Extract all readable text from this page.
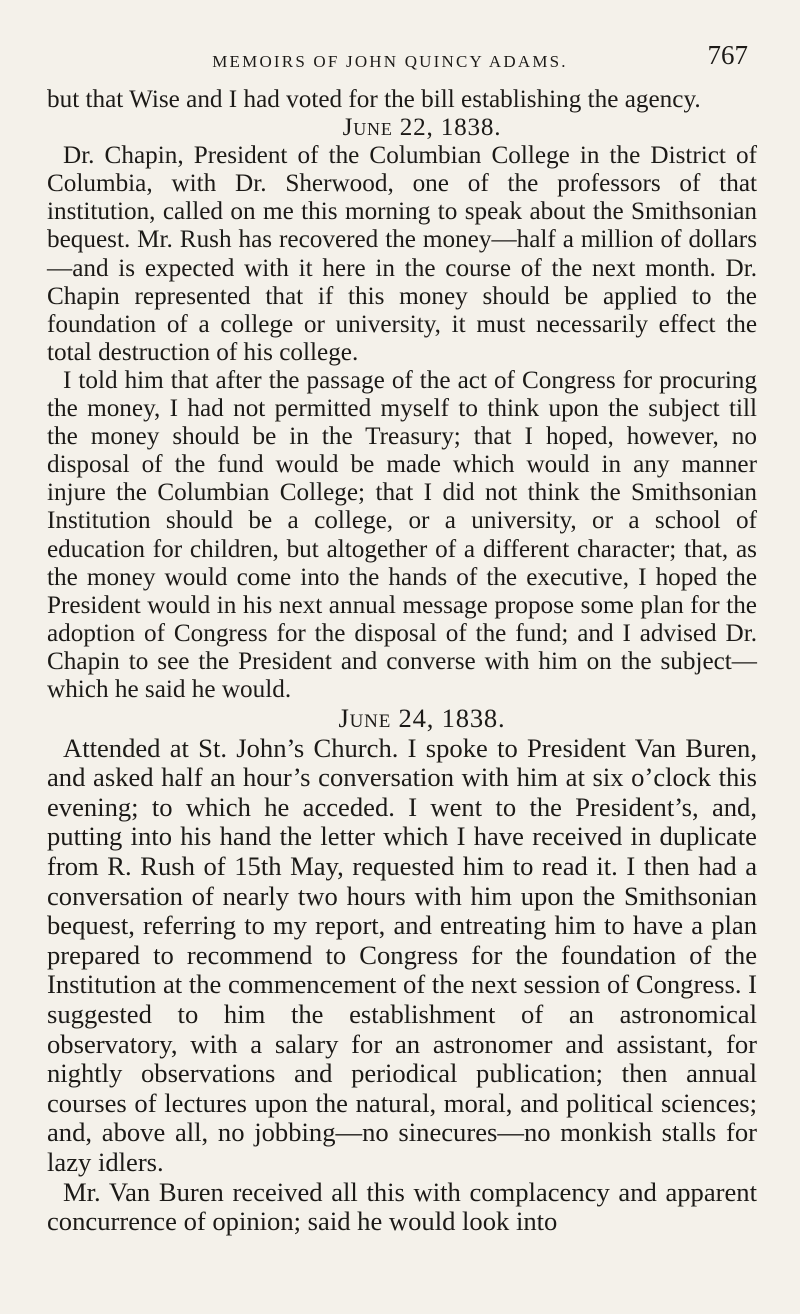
MEMOIRS OF JOHN QUINCY ADAMS.	767

but that Wise and I had voted for the bill establishing the agency.

June 22, 1838.

Dr. Chapin, President of the Columbian College in the District of Columbia, with Dr. Sherwood, one of the professors of that institution, called on me this morning to speak about the Smithsonian bequest. Mr. Rush has recovered the money—half a million of dollars—and is expected with it here in the course of the next month. Dr. Chapin represented that if this money should be applied to the foundation of a college or university, it must necessarily effect the total destruction of his college.

I told him that after the passage of the act of Congress for procuring the money, I had not permitted myself to think upon the subject till the money should be in the Treasury; that I hoped, however, no disposal of the fund would be made which would in any manner injure the Columbian College; that I did not think the Smithsonian Institution should be a college, or a university, or a school of education for children, but altogether of a different character; that, as the money would come into the hands of the executive, I hoped the President would in his next annual message propose some plan for the adoption of Congress for the disposal of the fund; and I advised Dr. Chapin to see the President and converse with him on the subject—which he said he would.

June 24, 1838.

Attended at St. John’s Church. I spoke to President Van Buren, and asked half an hour’s conversation with him at six o’clock this evening; to which he acceded. I went to the President’s, and, putting into his hand the letter which I have received in duplicate from R. Rush of 15th May, requested him to read it. I then had a conversation of nearly two hours with him upon the Smithsonian bequest, referring to my report, and entreating him to have a plan prepared to recommend to Congress for the foundation of the Institution at the commencement of the next session of Congress. I suggested to him the establishment of an astronomical observatory, with a salary for an astronomer and assistant, for nightly observations and periodical publication; then annual courses of lectures upon the natural, moral, and political sciences; and, above all, no jobbing—no sinecures—no monkish stalls for lazy idlers.

Mr. Van Buren received all this with complacency and apparent concurrence of opinion; said he would look into
